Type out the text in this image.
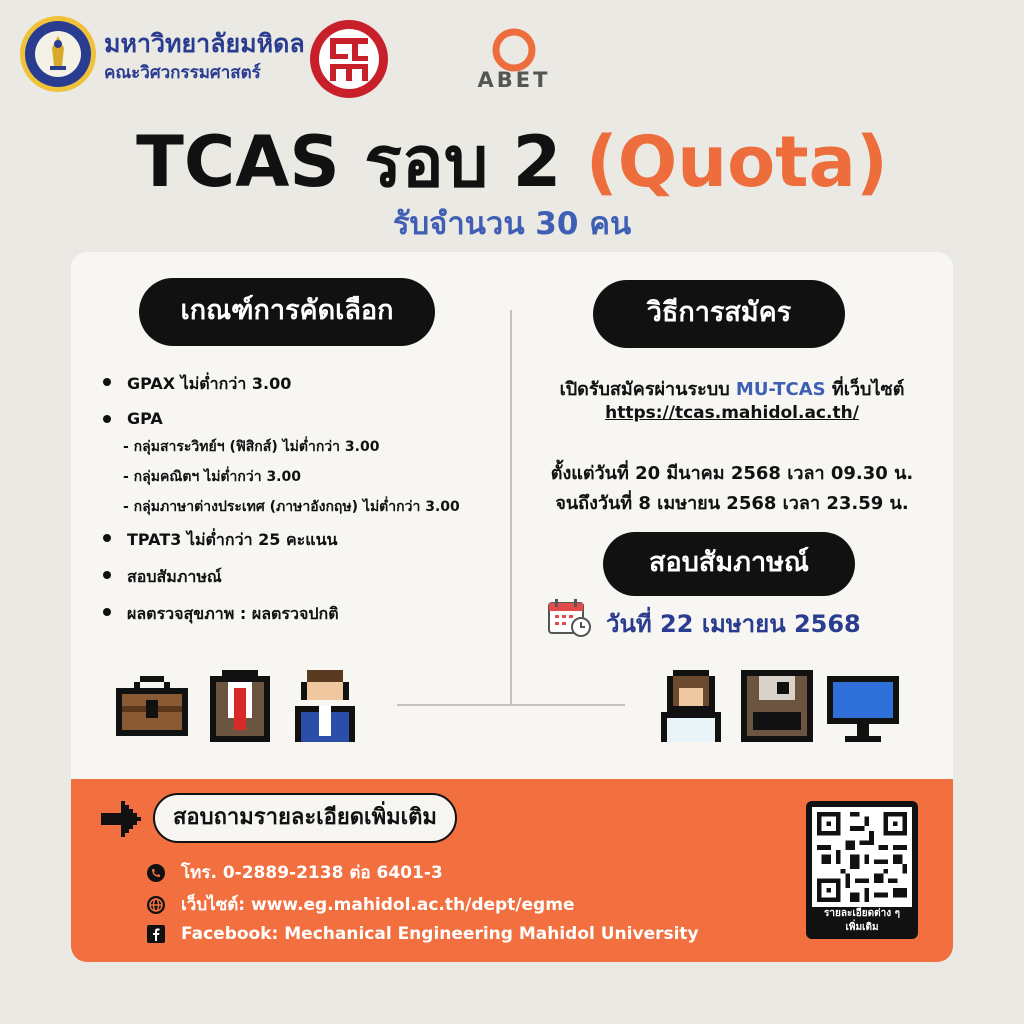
มหาวิทยาลัยมหิดล
คณะวิศวกรรมศาสตร์	ABET
TCAS รอบ 2 (Quota)
รับจำนวน 30 คน
เกณฑ์การคัดเลือก	วิธีการสมัคร
GPAX ไม่ต่ำกว่า 3.00
GPA
- กลุ่มสาระวิทย์ฯ (ฟิสิกส์) ไม่ต่ำกว่า 3.00
- กลุ่มคณิตฯ ไม่ต่ำกว่า 3.00
- กลุ่มภาษาต่างประเทศ (ภาษาอังกฤษ) ไม่ต่ำกว่า 3.00
TPAT3 ไม่ต่ำกว่า 25 คะแนน
สอบสัมภาษณ์
ผลตรวจสุขภาพ : ผลตรวจปกติ
เปิดรับสมัครผ่านระบบ MU-TCAS ที่เว็บไซต์
https://tcas.mahidol.ac.th/
ตั้งแต่วันที่ 20 มีนาคม 2568 เวลา 09.30 น.
จนถึงวันที่ 8 เมษายน 2568 เวลา 23.59 น.
สอบสัมภาษณ์
วันที่ 22 เมษายน 2568
สอบถามรายละเอียดเพิ่มเติม
โทร. 0-2889-2138 ต่อ 6401-3
เว็บไซต์: www.eg.mahidol.ac.th/dept/egme
Facebook: Mechanical Engineering Mahidol University
รายละเอียดต่าง ๆ
เพิ่มเติม
